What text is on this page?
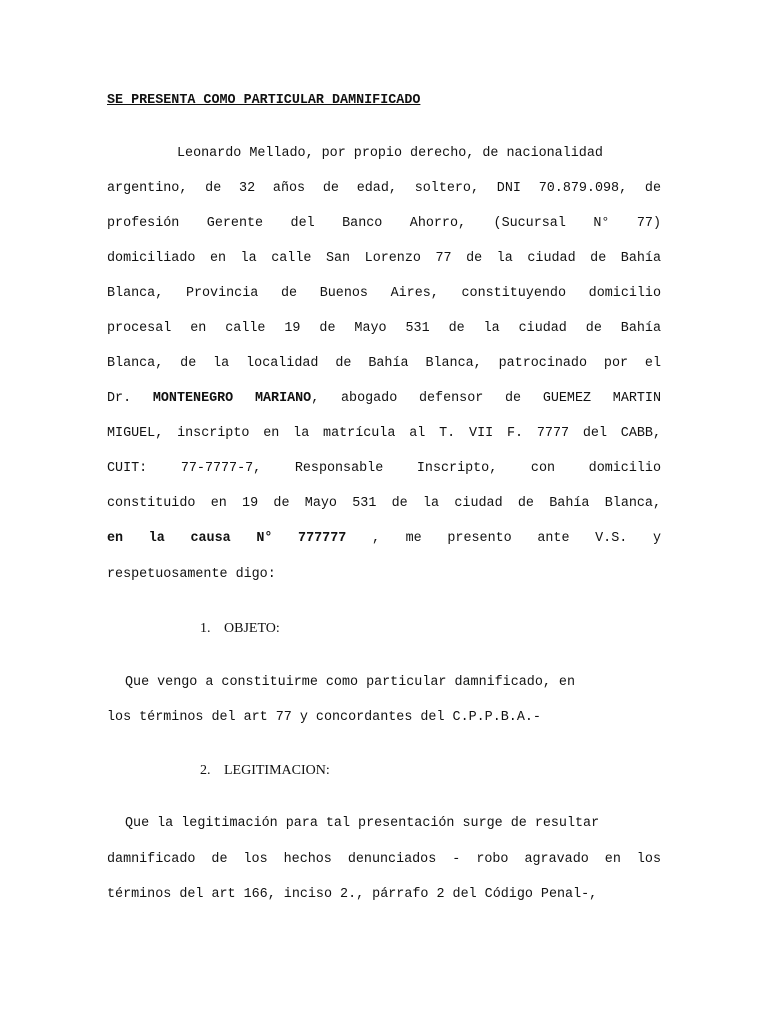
SE PRESENTA COMO PARTICULAR DAMNIFICADO
Leonardo Mellado, por propio derecho, de nacionalidad
argentino, de 32 años de edad, soltero, DNI 70.879.098, de
profesión Gerente del Banco Ahorro, (Sucursal N° 77)
domiciliado en la calle San Lorenzo 77 de la ciudad de Bahía
Blanca, Provincia de Buenos Aires, constituyendo domicilio
procesal en calle 19 de Mayo 531 de la ciudad de Bahía
Blanca, de la localidad de Bahía Blanca, patrocinado por el
Dr. MONTENEGRO MARIANO, abogado defensor de GUEMEZ MARTIN
MIGUEL, inscripto en la matrícula al T. VII F. 7777 del CABB,
CUIT: 77-7777-7, Responsable Inscripto, con domicilio
constituido en 19 de Mayo 531 de la ciudad de Bahía Blanca,
en la causa N° 777777 , me presento ante V.S. y
respetuosamente digo:
1. OBJETO:
Que vengo a constituirme como particular damnificado, en
los términos del art 77 y concordantes del C.P.P.B.A.-
2. LEGITIMACION:
Que la legitimación para tal presentación surge de resultar
damnificado de los hechos denunciados - robo agravado en los
términos del art 166, inciso 2., párrafo 2 del Código Penal-,
